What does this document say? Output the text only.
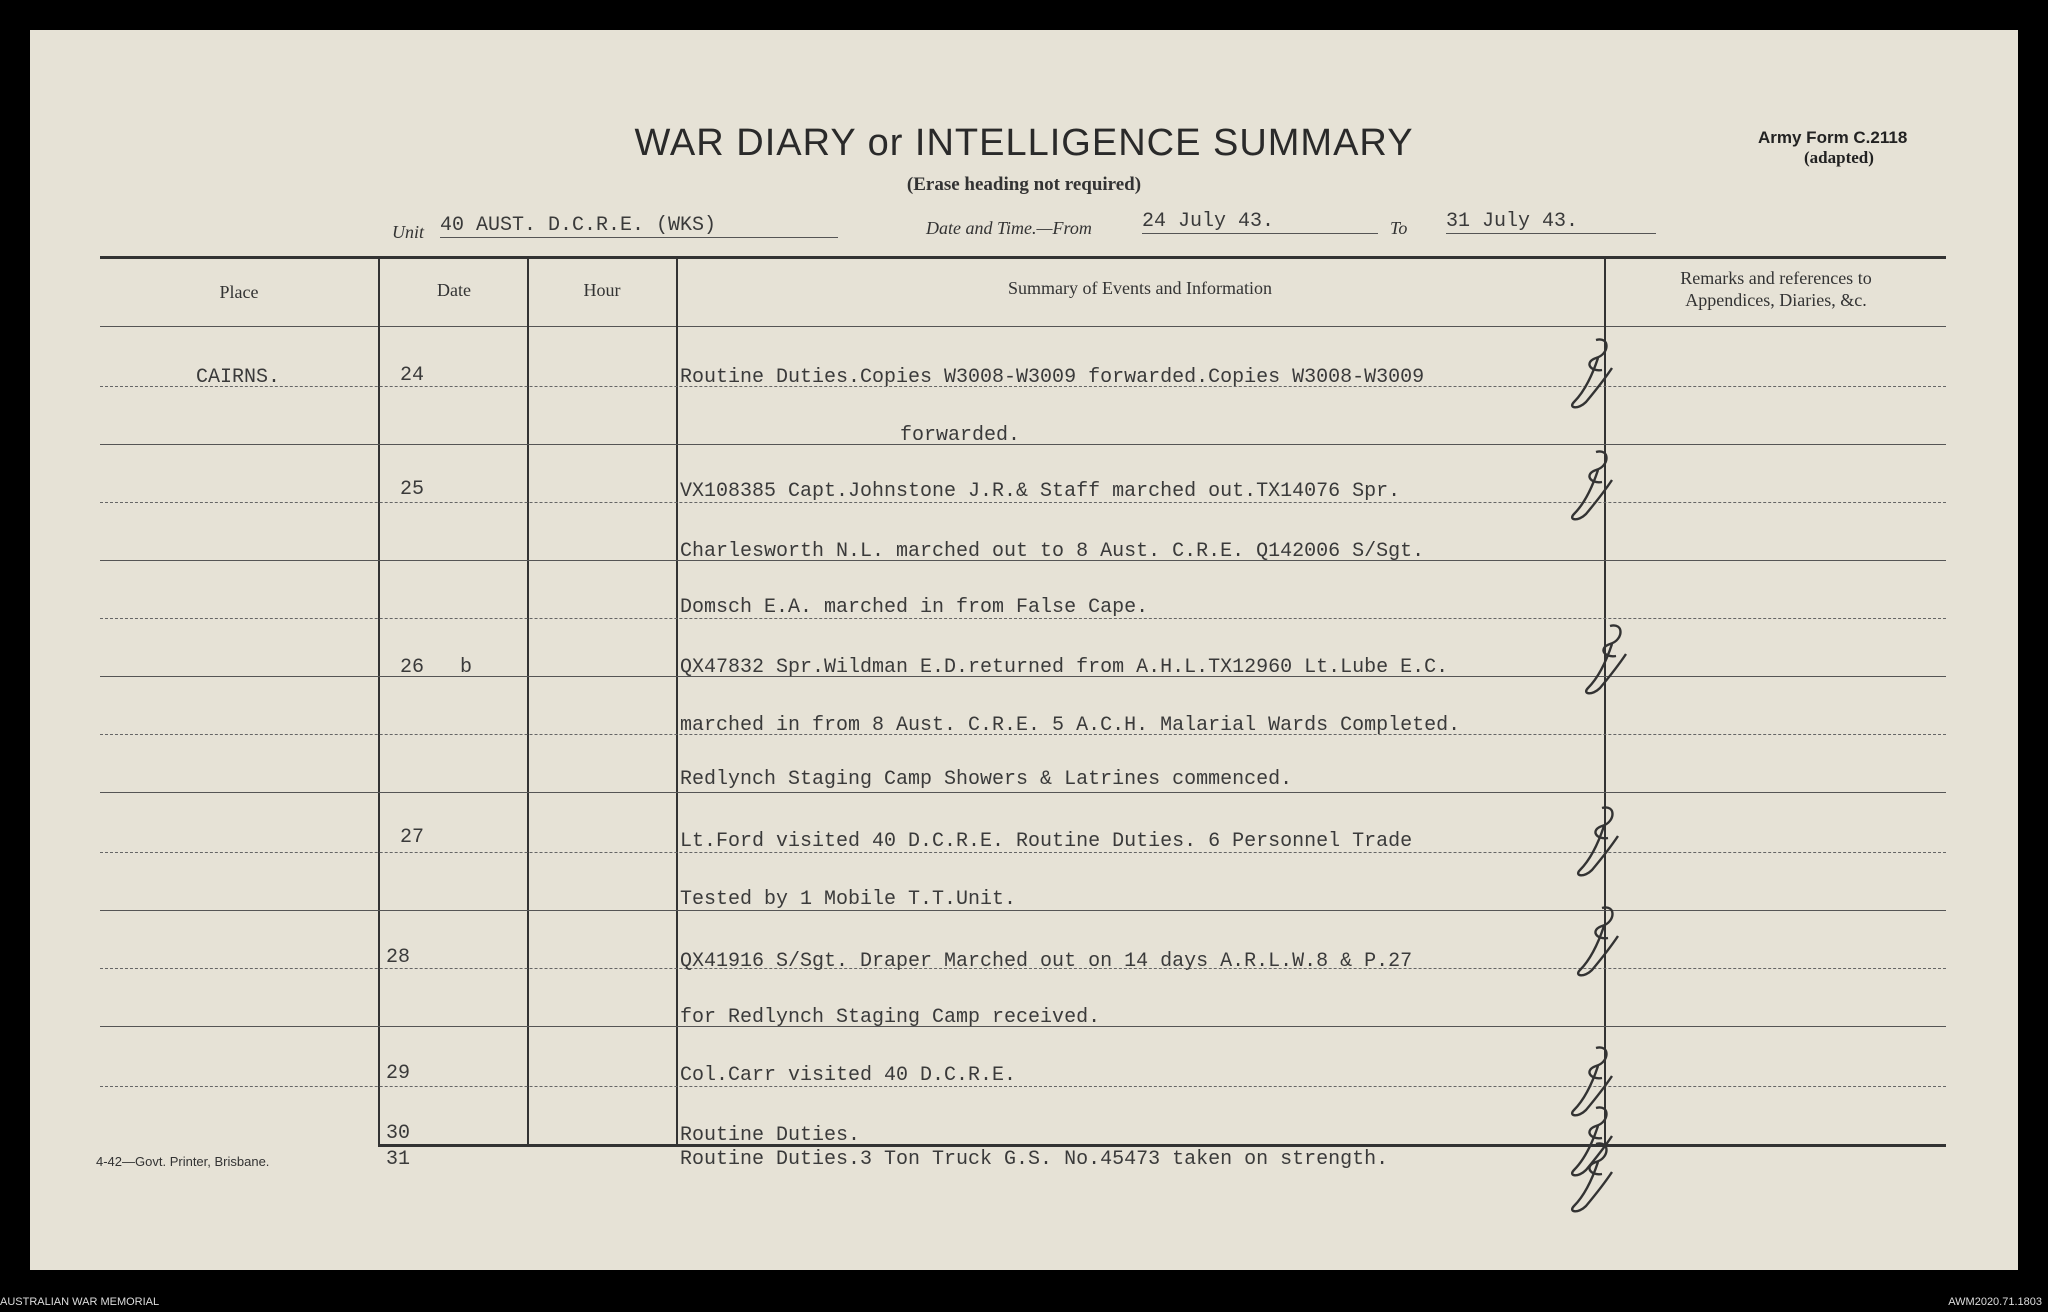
WAR DIARY or INTELLIGENCE SUMMARY
(Erase heading not required)
Army Form C.2118
(adapted)
Unit 40 AUST. D.C.R.E. (WKS)	Date and Time.—From	24 July 43.	To 31 July 43.
Place	Date	Hour	Summary of Events and Information	Remarks and references to
Appendices, Diaries, &c.
CAIRNS.	24	Routine Duties.Copies W3008-W3009 forwarded.Copies W3008-W3009
forwarded.
25	VX108385 Capt.Johnstone J.R.& Staff marched out.TX14076 Spr.
Charlesworth N.L. marched out to 8 Aust. C.R.E. Q142006 S/Sgt.
Domsch E.A. marched in from False Cape.
26 b	QX47832 Spr.Wildman E.D.returned from A.H.L.TX12960 Lt.Lube E.C.
marched in from 8 Aust. C.R.E. 5 A.C.H. Malarial Wards Completed.
Redlynch Staging Camp Showers & Latrines commenced.
27	Lt.Ford visited 40 D.C.R.E. Routine Duties. 6 Personnel Trade
Tested by 1 Mobile T.T.Unit.
28	QX41916 S/Sgt. Draper Marched out on 14 days A.R.L.W.8 & P.27
for Redlynch Staging Camp received.
29	Col.Carr visited 40 D.C.R.E.
30	Routine Duties.
31	Routine Duties.3 Ton Truck G.S. No.45473 taken on strength.
4-42—Govt. Printer, Brisbane.
AUSTRALIAN WAR MEMORIAL	AWM2020.71.1803
